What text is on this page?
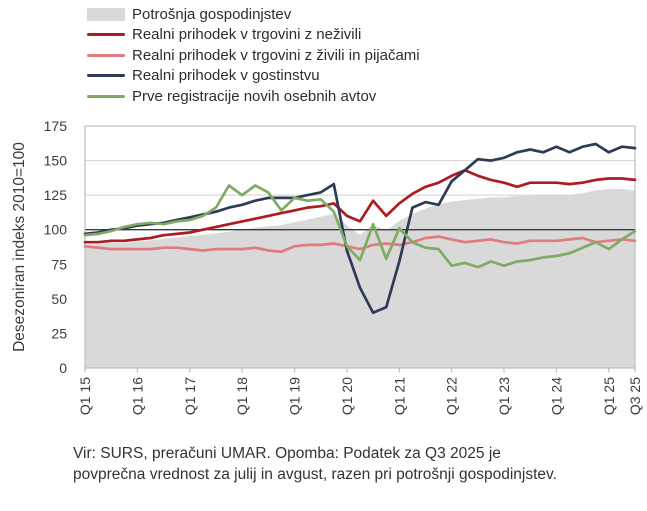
0
25
50
75
100
125
150
175
Q1 15	Q1 16	Q1 17	Q1 18	Q1 19	Q1 20	Q1 21	Q1 22	Q1 23	Q1 24	Q1 25 Q3 25
Desezoniran indeks 2010=100
Potrošnja gospodinjstev
Realni prihodek v trgovini z neživili
Realni prihodek v trgovini z živili in pijačami
Realni prihodek v gostinstvu
Prve registracije novih osebnih avtov
Vir: SURS, preračuni UMAR. Opomba: Podatek za Q3 2025 je povprečna vrednost za julij in avgust, razen pri potrošnji gospodinjstev.
